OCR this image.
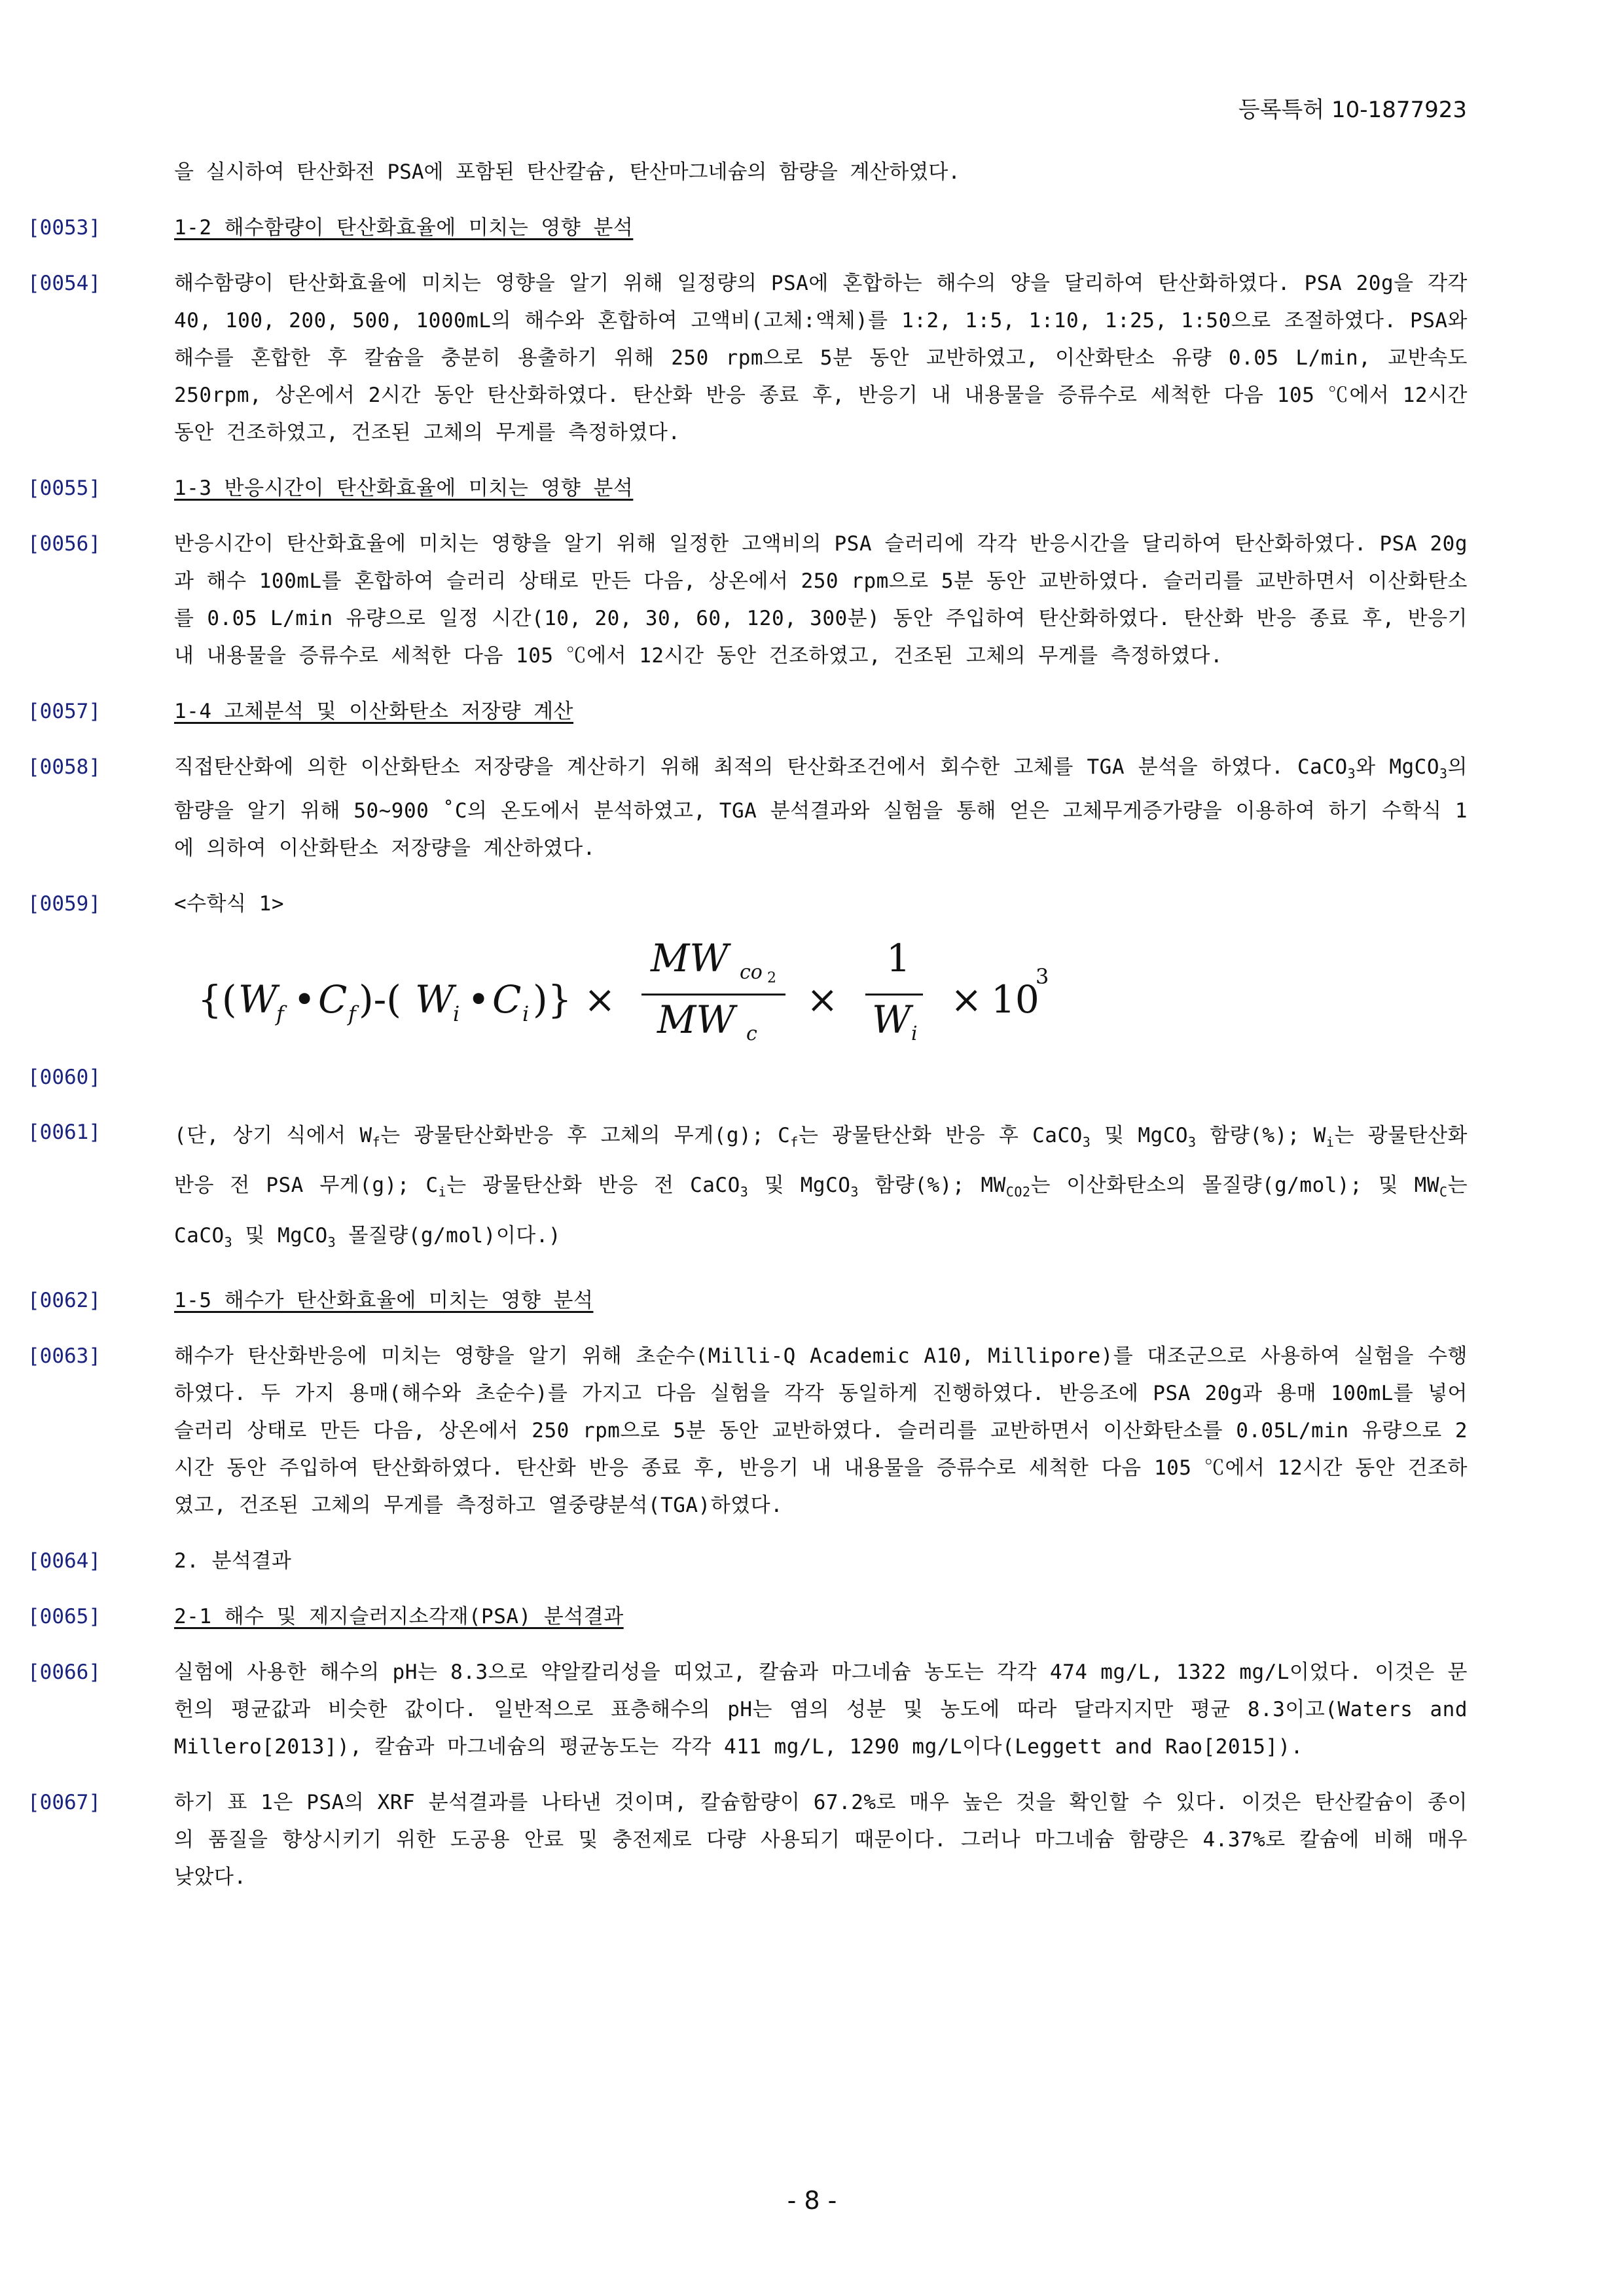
등록특허 10-1877923
을 실시하여 탄산화전 PSA에 포함된 탄산칼슘, 탄산마그네슘의 함량을 계산하였다.
[0053]	1-2 해수함량이 탄산화효율에 미치는 영향 분석
[0054]	해수함량이 탄산화효율에 미치는 영향을 알기 위해 일정량의 PSA에 혼합하는 해수의 양을 달리하여 탄산화하였다. PSA 20g을 각각 40, 100, 200, 500, 1000mL의 해수와 혼합하여 고액비(고체:액체)를 1:2, 1:5, 1:10, 1:25, 1:50으로 조절하였다. PSA와 해수를 혼합한 후 칼슘을 충분히 용출하기 위해 250 rpm으로 5분 동안 교반하였고, 이산화탄소 유량 0.05 L/min, 교반속도 250rpm, 상온에서 2시간 동안 탄산화하였다. 탄산화 반응 종료 후, 반응기 내 내용물을 증류수로 세척한 다음 105 ℃에서 12시간 동안 건조하였고, 건조된 고체의 무게를 측정하였다.
[0055]	1-3 반응시간이 탄산화효율에 미치는 영향 분석
[0056]	반응시간이 탄산화효율에 미치는 영향을 알기 위해 일정한 고액비의 PSA 슬러리에 각각 반응시간을 달리하여 탄산화하였다. PSA 20g과 해수 100mL를 혼합하여 슬러리 상태로 만든 다음, 상온에서 250 rpm으로 5분 동안 교반하였다. 슬러리를 교반하면서 이산화탄소를 0.05 L/min 유량으로 일정 시간(10, 20, 30, 60, 120, 300분) 동안 주입하여 탄산화하였다. 탄산화 반응 종료 후, 반응기 내 내용물을 증류수로 세척한 다음 105 ℃에서 12시간 동안 건조하였고, 건조된 고체의 무게를 측정하였다.
[0057]	1-4 고체분석 및 이산화탄소 저장량 계산
[0058]	직접탄산화에 의한 이산화탄소 저장량을 계산하기 위해 최적의 탄산화조건에서 회수한 고체를 TGA 분석을 하였다. CaCO$_3$와 MgCO$_3$의 함량을 알기 위해 50~900 ˚C의 온도에서 분석하였고, TGA 분석결과와 실험을 통해 얻은 고체무게증가량을 이용하여 하기 수학식 1에 의하여 이산화탄소 저장량을 계산하였다.
[0059]	<수학식 1>
{( W
f • C f )-( W
i • C i )} ×
MW co 2
MW c
×
1
W i
× 10
3
[0060]
[0061]	(단, 상기 식에서 $W_f$는 광물탄산화반응 후 고체의 무게(g); $C_f$는 광물탄산화 반응 후 CaCO$_3$ 및 MgCO$_3$ 함량(%); $W_i$는 광물탄산화반응 전 PSA 무게(g); $C_i$는 광물탄산화 반응 전 CaCO$_3$ 및 MgCO$_3$ 함량(%); $MW_{CO2}$는 이산화탄소의 몰질량(g/mol); 및 $MW_C$는 CaCO$_3$ 및 MgCO$_3$ 몰질량(g/mol)이다.)
[0062]	1-5 해수가 탄산화효율에 미치는 영향 분석
[0063]	해수가 탄산화반응에 미치는 영향을 알기 위해 초순수(Milli-Q Academic A10, Millipore)를 대조군으로 사용하여 실험을 수행하였다. 두 가지 용매(해수와 초순수)를 가지고 다음 실험을 각각 동일하게 진행하였다. 반응조에 PSA 20g과 용매 100mL를 넣어 슬러리 상태로 만든 다음, 상온에서 250 rpm으로 5분 동안 교반하였다. 슬러리를 교반하면서 이산화탄소를 0.05L/min 유량으로 2시간 동안 주입하여 탄산화하였다. 탄산화 반응 종료 후, 반응기 내 내용물을 증류수로 세척한 다음 105 ℃에서 12시간 동안 건조하였고, 건조된 고체의 무게를 측정하고 열중량분석(TGA)하였다.
[0064]	2. 분석결과
[0065]	2-1 해수 및 제지슬러지소각재(PSA) 분석결과
[0066]	실험에 사용한 해수의 pH는 8.3으로 약알칼리성을 띠었고, 칼슘과 마그네슘 농도는 각각 474 mg/L, 1322 mg/L이었다. 이것은 문헌의 평균값과 비슷한 값이다. 일반적으로 표층해수의 pH는 염의 성분 및 농도에 따라 달라지지만 평균 8.3이고(Waters and Millero[2013]), 칼슘과 마그네슘의 평균농도는 각각 411 mg/L, 1290 mg/L이다(Leggett and Rao[2015]).
[0067]	하기 표 1은 PSA의 XRF 분석결과를 나타낸 것이며, 칼슘함량이 67.2%로 매우 높은 것을 확인할 수 있다. 이것은 탄산칼슘이 종이의 품질을 향상시키기 위한 도공용 안료 및 충전제로 다량 사용되기 때문이다. 그러나 마그네슘 함량은 4.37%로 칼슘에 비해 매우 낮았다.
- 8 -
